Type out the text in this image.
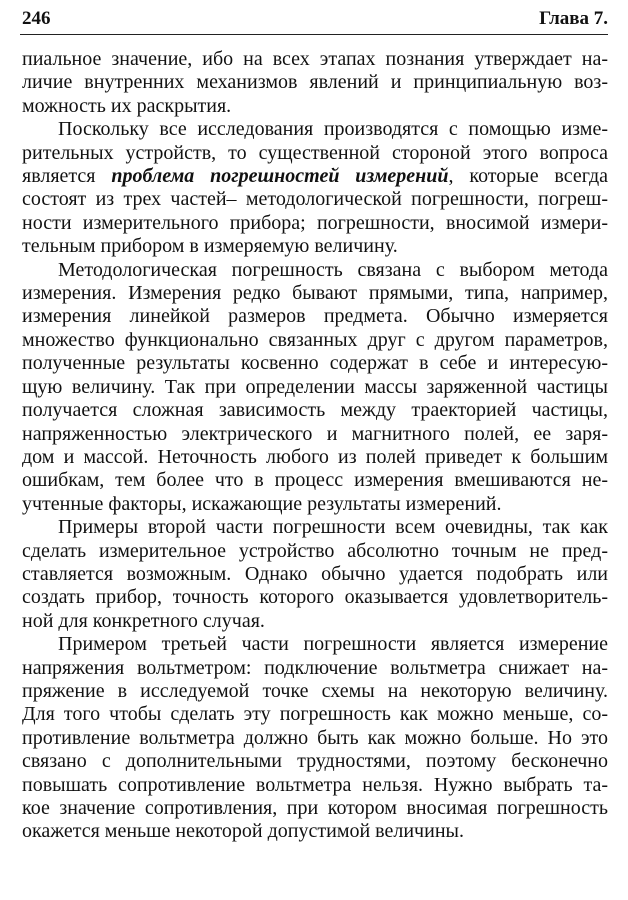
246	Глава 7.
пиальное значение, ибо на всех этапах познания утверждает на-
личие внутренних механизмов явлений и принципиальную воз-
можность их раскрытия.
Поскольку все исследования производятся с помощью изме-
рительных устройств, то существенной стороной этого вопроса
является проблема погрешностей измерений, которые всегда
состоят из трех частей– методологической погрешности, погреш-
ности измерительного прибора; погрешности, вносимой измери-
тельным прибором в измеряемую величину.
Методологическая погрешность связана с выбором метода
измерения. Измерения редко бывают прямыми, типа, например,
измерения линейкой размеров предмета. Обычно измеряется
множество функционально связанных друг с другом параметров,
полученные результаты косвенно содержат в себе и интересую-
щую величину. Так при определении массы заряженной частицы
получается сложная зависимость между траекторией частицы,
напряженностью электрического и магнитного полей, ее заря-
дом и массой. Неточность любого из полей приведет к большим
ошибкам, тем более что в процесс измерения вмешиваются не-
учтенные факторы, искажающие результаты измерений.
Примеры второй части погрешности всем очевидны, так как
сделать измерительное устройство абсолютно точным не пред-
ставляется возможным. Однако обычно удается подобрать или
создать прибор, точность которого оказывается удовлетворитель-
ной для конкретного случая.
Примером третьей части погрешности является измерение
напряжения вольтметром: подключение вольтметра снижает на-
пряжение в исследуемой точке схемы на некоторую величину.
Для того чтобы сделать эту погрешность как можно меньше, со-
противление вольтметра должно быть как можно больше. Но это
связано с дополнительными трудностями, поэтому бесконечно
повышать сопротивление вольтметра нельзя. Нужно выбрать та-
кое значение сопротивления, при котором вносимая погрешность
окажется меньше некоторой допустимой величины.
